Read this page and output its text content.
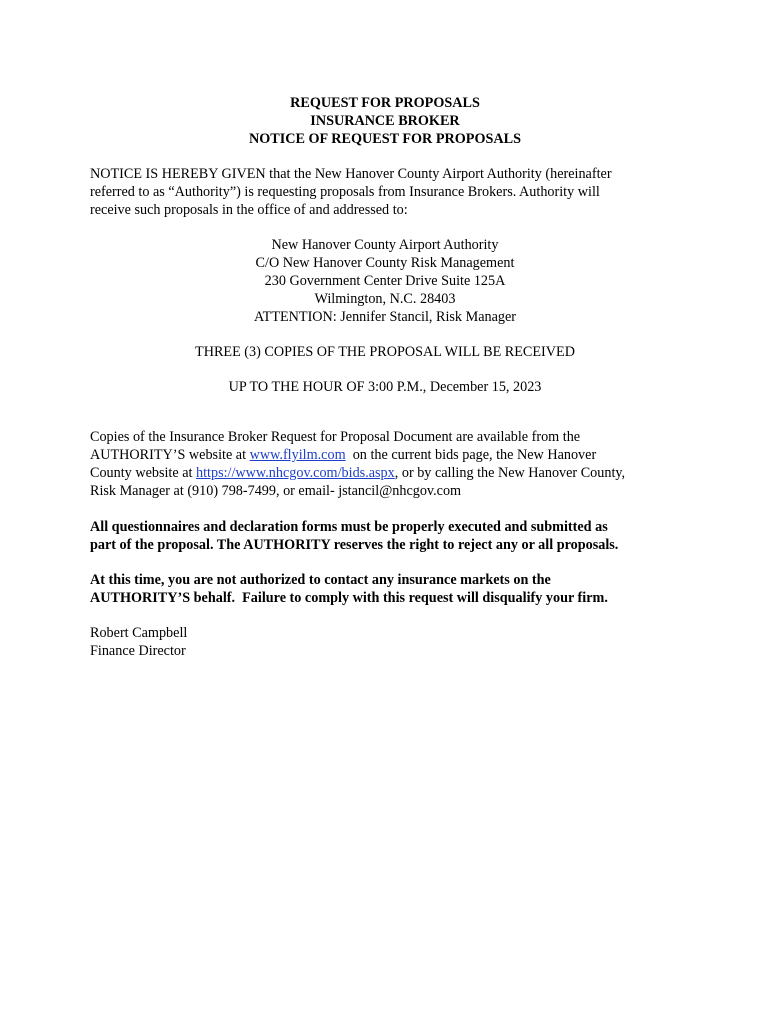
REQUEST FOR PROPOSALS
INSURANCE BROKER
NOTICE OF REQUEST FOR PROPOSALS
NOTICE IS HEREBY GIVEN that the New Hanover County Airport Authority (hereinafter
referred to as “Authority”) is requesting proposals from Insurance Brokers. Authority will
receive such proposals in the office of and addressed to:
New Hanover County Airport Authority
C/O New Hanover County Risk Management
230 Government Center Drive Suite 125A
Wilmington, N.C. 28403
ATTENTION: Jennifer Stancil, Risk Manager
THREE (3) COPIES OF THE PROPOSAL WILL BE RECEIVED
UP TO THE HOUR OF 3:00 P.M., December 15, 2023
Copies of the Insurance Broker Request for Proposal Document are available from the
AUTHORITY’S website at www.flyilm.com  on the current bids page, the New Hanover
County website at https://www.nhcgov.com/bids.aspx, or by calling the New Hanover County,
Risk Manager at (910) 798-7499, or email- jstancil@nhcgov.com
All questionnaires and declaration forms must be properly executed and submitted as
part of the proposal. The AUTHORITY reserves the right to reject any or all proposals.
At this time, you are not authorized to contact any insurance markets on the
AUTHORITY’S behalf.  Failure to comply with this request will disqualify your firm.
Robert Campbell
Finance Director
